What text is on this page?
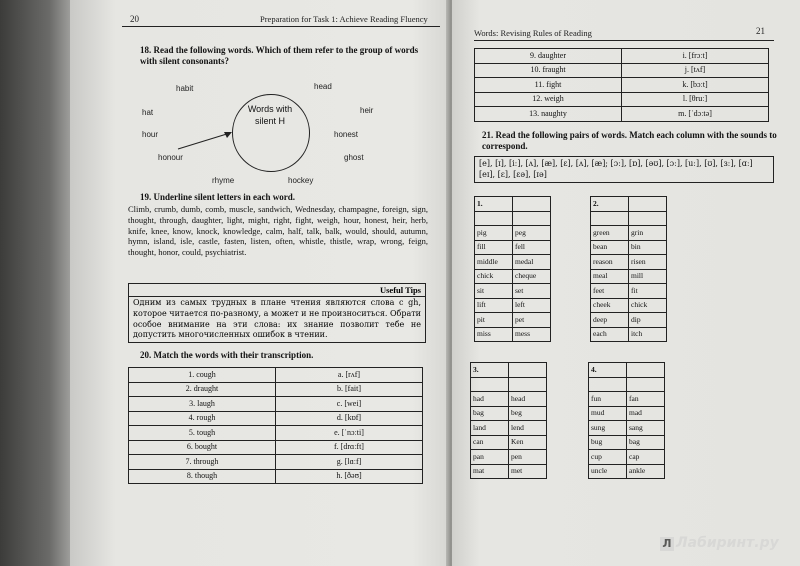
20	Preparation for Task 1: Achieve Reading Fluency
18. Read the following words. Which of them refer to the group of words with silent consonants?
Words with silent H
habit	head
hat	heir
hour	honest
honour	ghost
rhyme	hockey
19. Underline silent letters in each word.
Climb, crumb, dumb, comb, muscle, sandwich, Wednesday, champagne, foreign, sign, thought, through, daughter, light, might, right, fight, weigh, hour, honest, heir, herb, knife, knee, know, knock, knowledge, calm, half, talk, balk, would, should, autumn, hymn, island, isle, castle, fasten, listen, often, whistle, thistle, wrap, wrong, feign, thought, honor, could, psychiatrist.
Useful Tips
Одним из самых трудных в плане чтения являются слова с gh, которое читается по-разному, а может и не произноситься. Обрати особое внимание на эти слова: их знание позволит тебе не допустить многочисленных ошибок в чтении.
20. Match the words with their transcription.
1. cough	a. [rʌf]
2. draught	b. [fait]
3. laugh	c. [wei]
4. rough	d. [kɒf]
5. tough	e. [ˈnɔːti]
6. bought	f. [drɑːft]
7. through	g. [lɑːf]
8. though	h. [ðəʊ]
Words: Revising Rules of Reading	21
9. daughter	i. [frɔːt]
10. fraught	j. [tʌf]
11. fight	k. [bɔːt]
12. weigh	l. [θruː]
13. naughty	m. [ˈdɔːtə]
21. Read the following pairs of words. Match each column with the sounds to correspond.
[e], [ɪ], [iː], [ʌ], [æ], [ε], [ʌ], [æ]; [ɔː], [ɒ], [əʊ], [ɔː], [uː], [ʊ], [ɜː], [ɑː] [eɪ], [ε], [εə], [ɪə]
1.	

pig	peg
fill	fell
middle	medal
chick	cheque
sit	set
lift	left
pit	pet
miss	mess
2.	

green	grin
bean	bin
reason	risen
meal	mill
feet	fit
cheek	chick
deep	dip
each	itch
3.	

had	head
bag	beg
land	lend
can	Ken
pan	pen
mat	met
4.	

fun	fan
mud	mad
sung	sang
bug	bag
cup	cap
uncle	ankle
Л Лабиринт.ру
